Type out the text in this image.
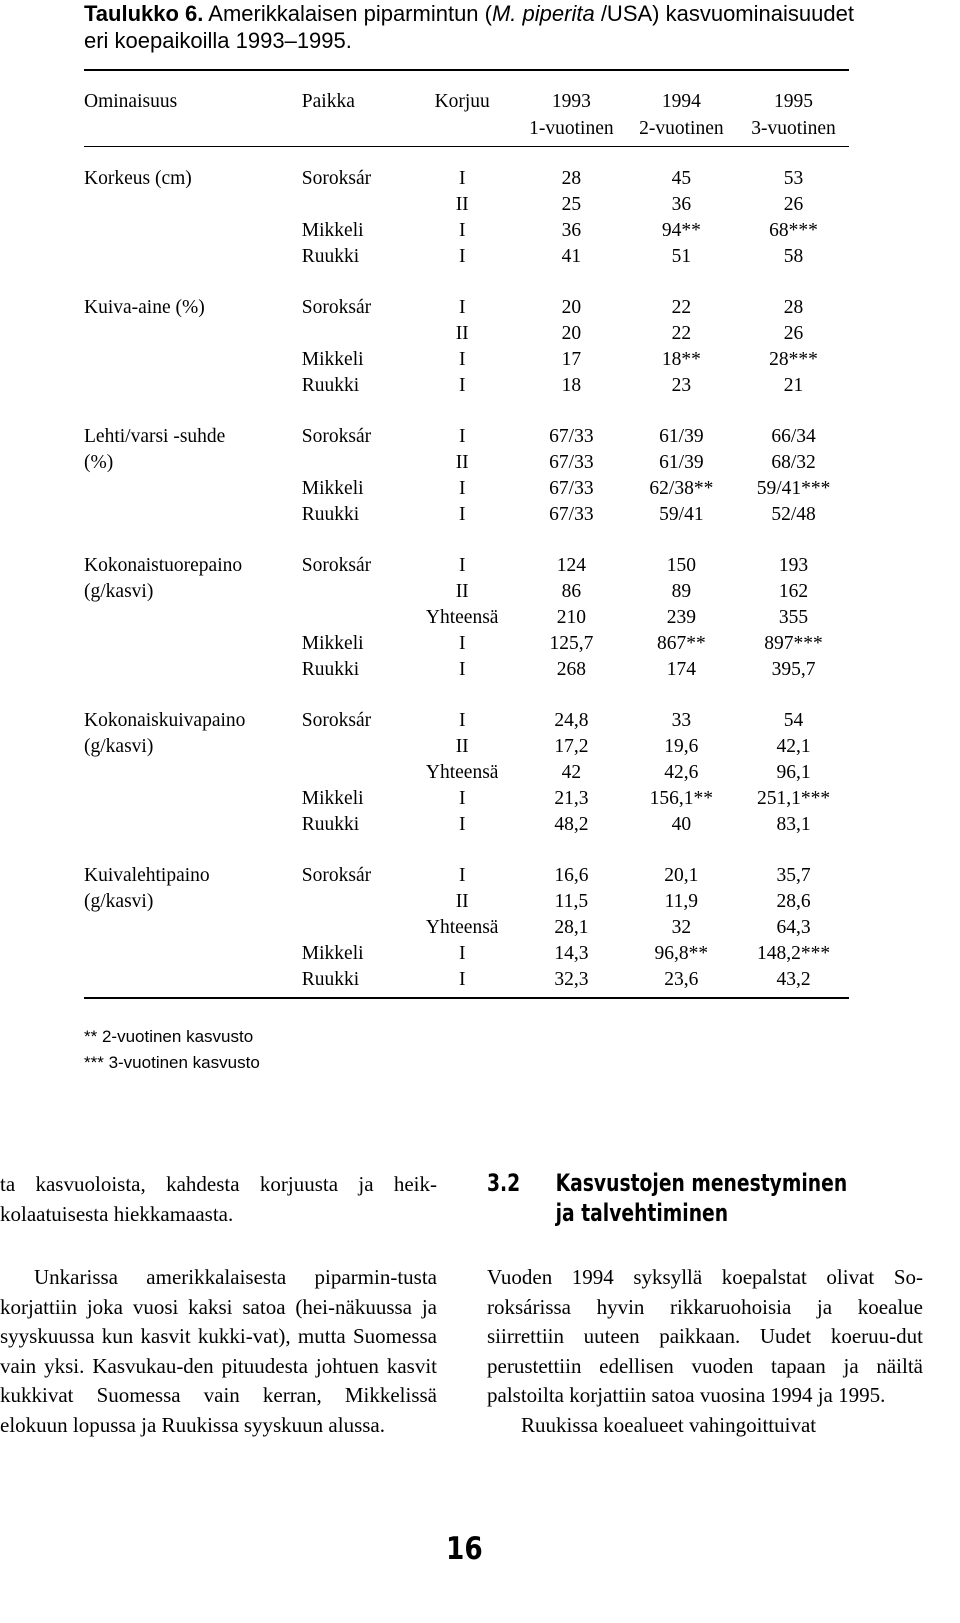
Taulukko 6. Amerikkalaisen piparmintun (M. piperita /USA) kasvuominaisuudet eri koepaikoilla 1993–1995.
Ominaisuus	Paikka	Korjuu	1993	1994	1995
			1-vuotinen	2-vuotinen	3-vuotinen

Korkeus (cm)	Soroksár	I	28	45	53
		II	25	36	26
	Mikkeli	I	36	94**	68***
	Ruukki	I	41	51	58

Kuiva-aine (%)	Soroksár	I	20	22	28
		II	20	22	26
	Mikkeli	I	17	18**	28***
	Ruukki	I	18	23	21

Lehti/varsi -suhde	Soroksár	I	67/33	61/39	66/34
(%)		II	67/33	61/39	68/32
	Mikkeli	I	67/33	62/38**	59/41***
	Ruukki	I	67/33	59/41	52/48

Kokonaistuorepaino	Soroksár	I	124	150	193
(g/kasvi)		II	86	89	162
		Yhteensä	210	239	355
	Mikkeli	I	125,7	867**	897***
	Ruukki	I	268	174	395,7

Kokonaiskuivapaino	Soroksár	I	24,8	33	54
(g/kasvi)		II	17,2	19,6	42,1
		Yhteensä	42	42,6	96,1
	Mikkeli	I	21,3	156,1**	251,1***
	Ruukki	I	48,2	40	83,1

Kuivalehtipaino	Soroksár	I	16,6	20,1	35,7
(g/kasvi)		II	11,5	11,9	28,6
		Yhteensä	28,1	32	64,3
	Mikkeli	I	14,3	96,8**	148,2***
	Ruukki	I	32,3	23,6	43,2
** 2-vuotinen kasvusto
*** 3-vuotinen kasvusto

ta kasvuoloista, kahdesta korjuusta ja heik-kolaatuisesta hiekkamaasta.

Unkarissa amerikkalaisesta piparmin-tusta korjattiin joka vuosi kaksi satoa (hei-näkuussa ja syyskuussa kun kasvit kukki-vat), mutta Suomessa vain yksi. Kasvukau-den pituudesta johtuen kasvit kukkivat Suomessa vain kerran, Mikkelissä elokuun lopussa ja Ruukissa syyskuun alussa.

3.2 Kasvustojen menestyminen
ja talvehtiminen

Vuoden 1994 syksyllä koepalstat olivat So-roksárissa hyvin rikkaruohoisia ja koealue siirrettiin uuteen paikkaan. Uudet koeruu-dut perustettiin edellisen vuoden tapaan ja näiltä palstoilta korjattiin satoa vuosina 1994 ja 1995.

Ruukissa koealueet vahingoittuivat

16
